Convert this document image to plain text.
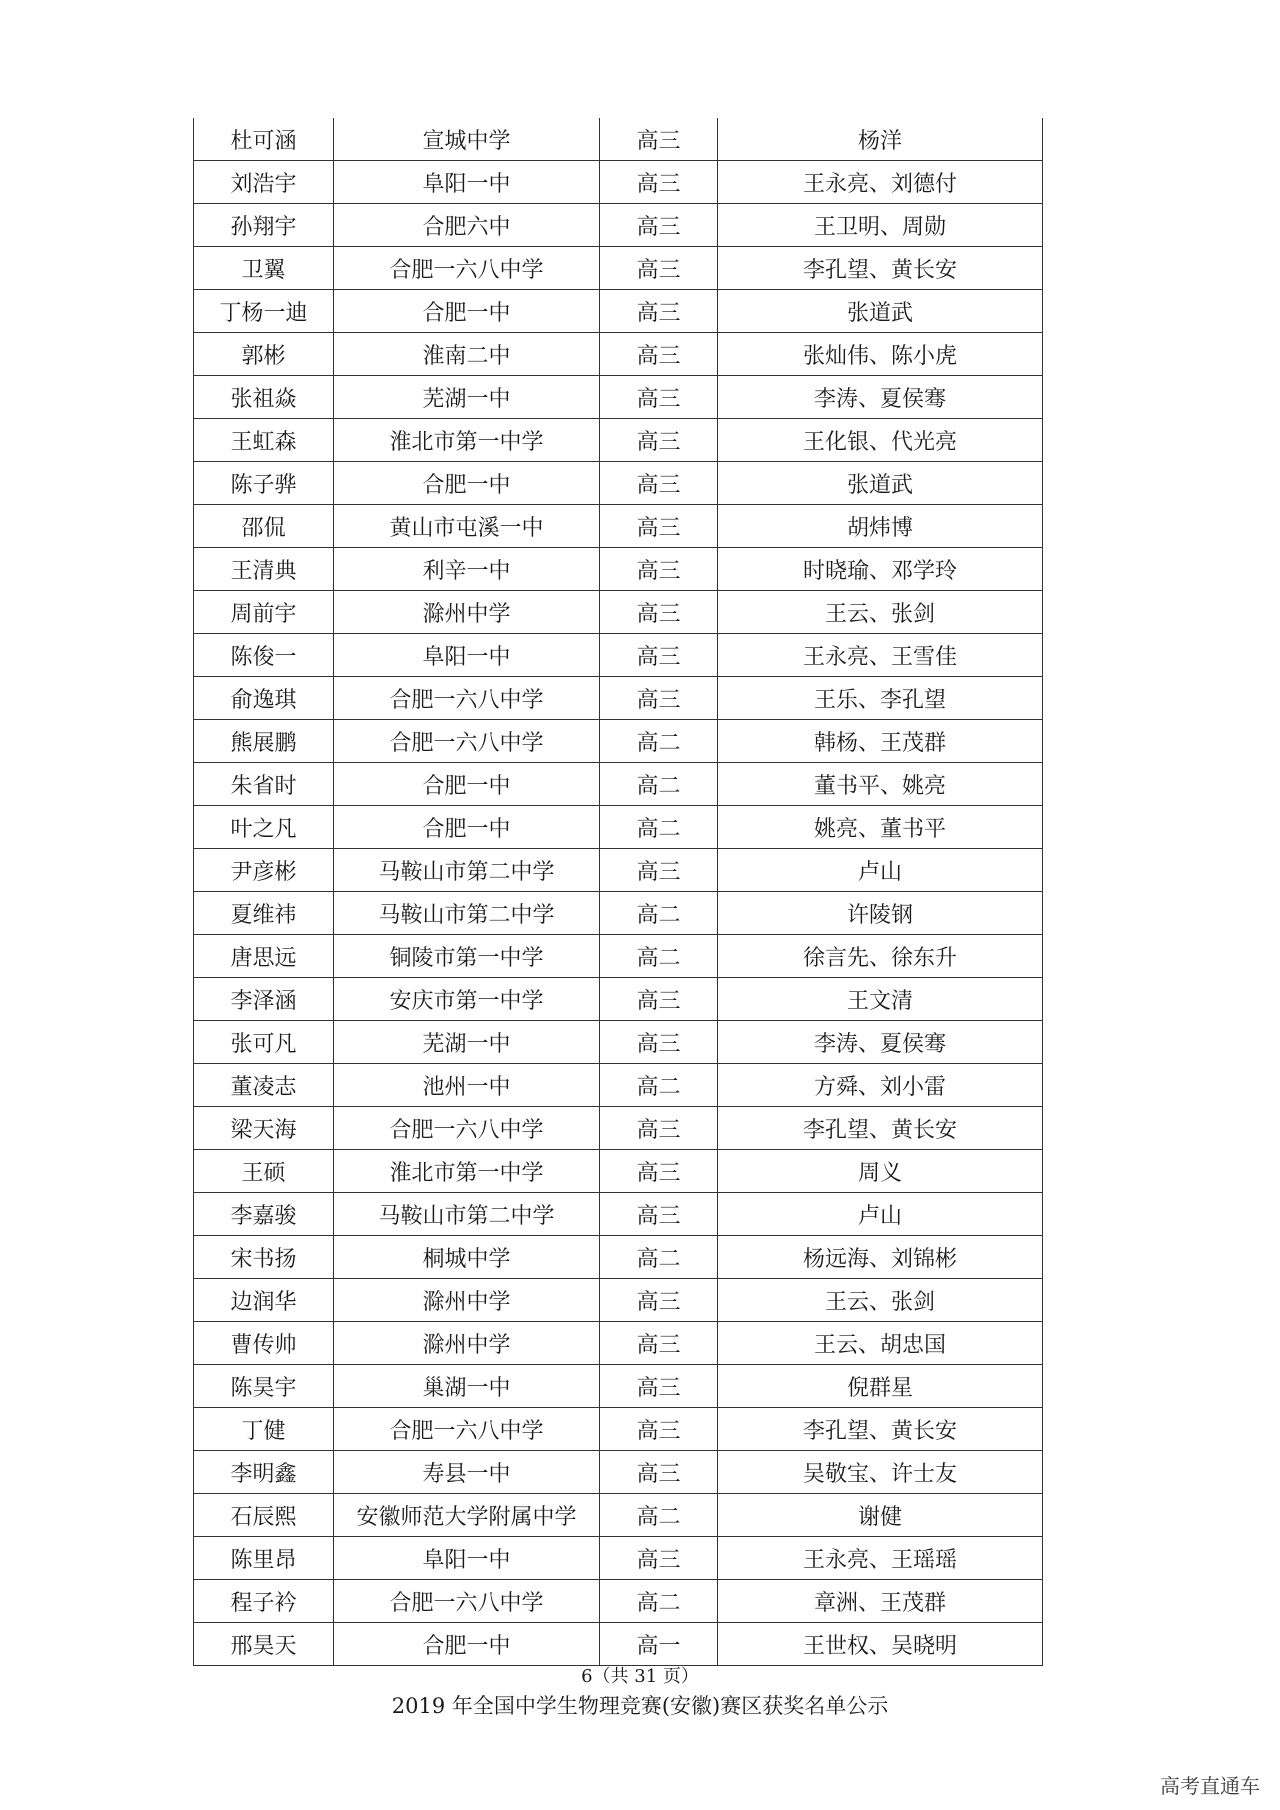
杜可涵	宣城中学	高三	杨洋
刘浩宇	阜阳一中	高三	王永亮、刘德付
孙翔宇	合肥六中	高三	王卫明、周勋
卫翼	合肥一六八中学	高三	李孔望、黄长安
丁杨一迪	合肥一中	高三	张道武
郭彬	淮南二中	高三	张灿伟、陈小虎
张祖焱	芜湖一中	高三	李涛、夏侯骞
王虹森	淮北市第一中学	高三	王化银、代光亮
陈子骅	合肥一中	高三	张道武
邵侃	黄山市屯溪一中	高三	胡炜博
王清典	利辛一中	高三	时晓瑜、邓学玲
周前宇	滁州中学	高三	王云、张剑
陈俊一	阜阳一中	高三	王永亮、王雪佳
俞逸琪	合肥一六八中学	高三	王乐、李孔望
熊展鹏	合肥一六八中学	高二	韩杨、王茂群
朱省时	合肥一中	高二	董书平、姚亮
叶之凡	合肥一中	高二	姚亮、董书平
尹彦彬	马鞍山市第二中学	高三	卢山
夏维祎	马鞍山市第二中学	高二	许陵钢
唐思远	铜陵市第一中学	高二	徐言先、徐东升
李泽涵	安庆市第一中学	高三	王文清
张可凡	芜湖一中	高三	李涛、夏侯骞
董凌志	池州一中	高二	方舜、刘小雷
梁天海	合肥一六八中学	高三	李孔望、黄长安
王硕	淮北市第一中学	高三	周义
李嘉骏	马鞍山市第二中学	高三	卢山
宋书扬	桐城中学	高二	杨远海、刘锦彬
边润华	滁州中学	高三	王云、张剑
曹传帅	滁州中学	高三	王云、胡忠国
陈昊宇	巢湖一中	高三	倪群星
丁健	合肥一六八中学	高三	李孔望、黄长安
李明鑫	寿县一中	高三	吴敬宝、许士友
石辰熙	安徽师范大学附属中学	高二	谢健
陈里昂	阜阳一中	高三	王永亮、王瑶瑶
程子衿	合肥一六八中学	高二	章洲、王茂群
邢昊天	合肥一中	高一	王世权、吴晓明
6（共 31 页）
2019 年全国中学生物理竞赛(安徽)赛区获奖名单公示
高考直通车
